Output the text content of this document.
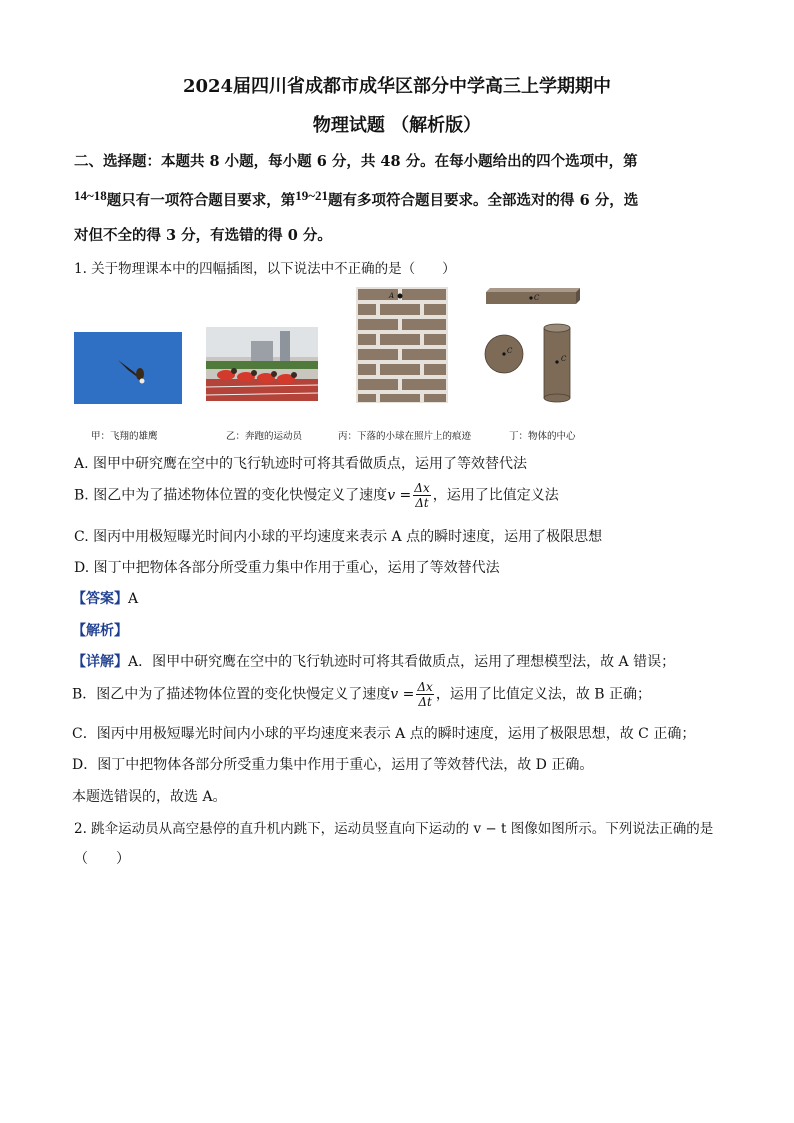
2024届四川省成都市成华区部分中学高三上学期期中
物理试题 （解析版）
二、选择题：本题共 8 小题，每小题 6 分，共 48 分。在每小题给出的四个选项中，第
14~18题只有一项符合题目要求，第19~21题有多项符合题目要求。全部选对的得 6 分，选
对但不全的得 3 分，有选错的得 0 分。
1. 关于物理课本中的四幅插图，以下说法中不正确的是（　　）
A	C
C
C
甲：飞翔的雄鹰	乙：奔跑的运动员	丙：下落的小球在照片上的痕迹	丁：物体的中心
A. 图甲中研究鹰在空中的飞行轨迹时可将其看做质点，运用了等效替代法
B. 图乙中为了描述物体位置的变化快慢定义了速度$v = \frac{\Delta x}{\Delta t}$ ，运用了比值定义法
C. 图丙中用极短曝光时间内小球的平均速度来表示 A 点的瞬时速度，运用了极限思想
D. 图丁中把物体各部分所受重力集中作用于重心，运用了等效替代法
【答案】A
【解析】
【详解】A．图甲中研究鹰在空中的飞行轨迹时可将其看做质点，运用了理想模型法，故 A 错误；
B．图乙中为了描述物体位置的变化快慢定义了速度$v = \frac{\Delta x}{\Delta t}$ ，运用了比值定义法，故 B 正确；
C．图丙中用极短曝光时间内小球的平均速度来表示 A 点的瞬时速度，运用了极限思想，故 C 正确；
D．图丁中把物体各部分所受重力集中作用于重心，运用了等效替代法，故 D 正确。
本题选错误的，故选 A。
2. 跳伞运动员从高空悬停的直升机内跳下，运动员竖直向下运动的 v − t 图像如图所示。下列说法正确的是
（　　）
